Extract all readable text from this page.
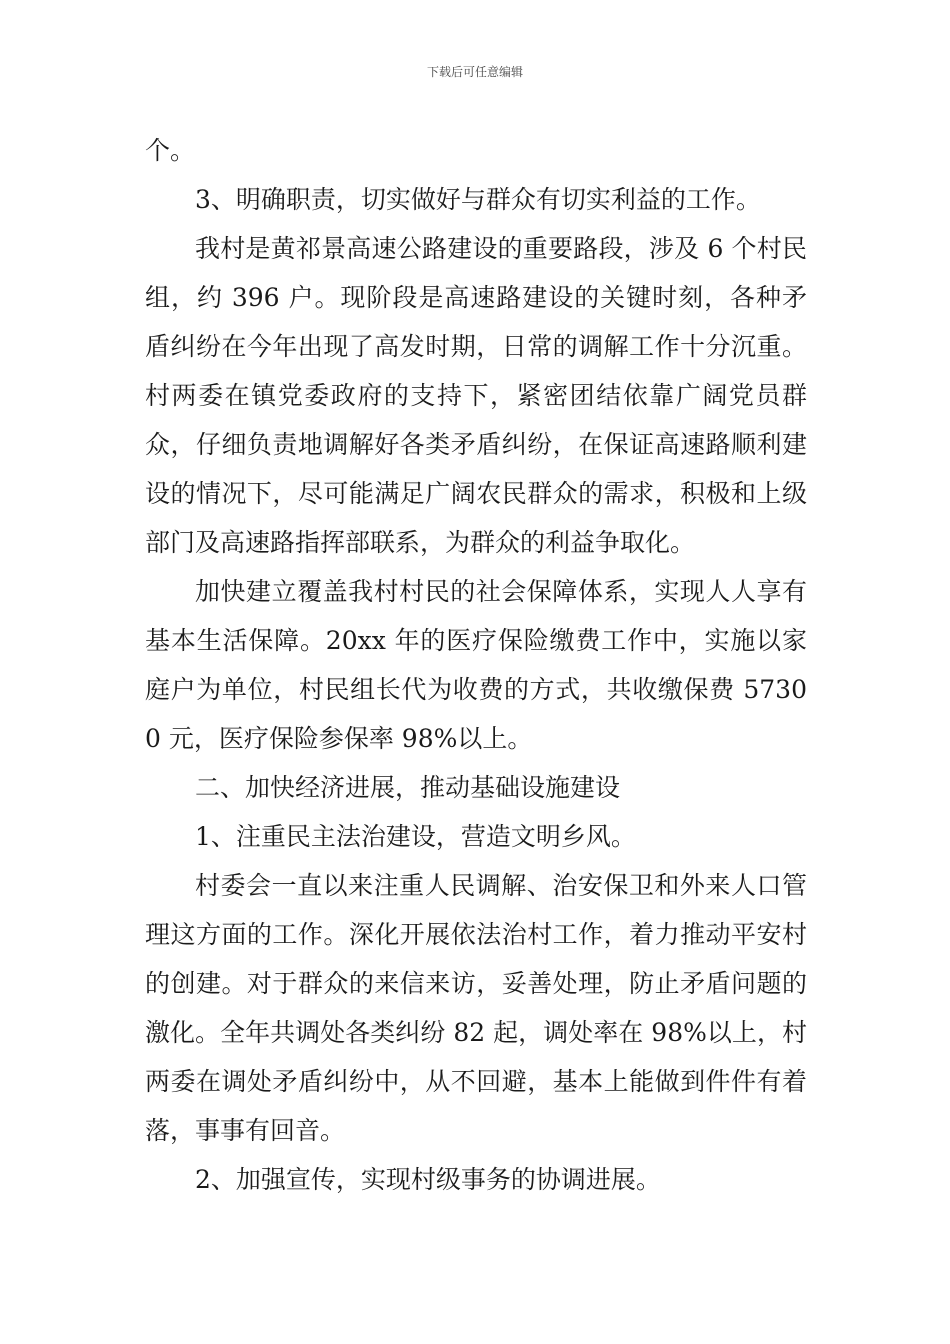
下载后可任意编辑

个。

3、明确职责，切实做好与群众有切实利益的工作。

我村是黄祁景高速公路建设的重要路段，涉及 6 个村民组，约 396 户。现阶段是高速路建设的关键时刻，各种矛盾纠纷在今年出现了高发时期，日常的调解工作十分沉重。村两委在镇党委政府的支持下，紧密团结依靠广阔党员群众，仔细负责地调解好各类矛盾纠纷，在保证高速路顺利建设的情况下，尽可能满足广阔农民群众的需求，积极和上级部门及高速路指挥部联系，为群众的利益争取化。

加快建立覆盖我村村民的社会保障体系，实现人人享有基本生活保障。20xx 年的医疗保险缴费工作中，实施以家庭户为单位，村民组长代为收费的方式，共收缴保费 57300 元，医疗保险参保率 98%以上。

二、加快经济进展，推动基础设施建设

1、注重民主法治建设，营造文明乡风。

村委会一直以来注重人民调解、治安保卫和外来人口管理这方面的工作。深化开展依法治村工作，着力推动平安村的创建。对于群众的来信来访，妥善处理，防止矛盾问题的激化。全年共调处各类纠纷 82 起，调处率在 98%以上，村两委在调处矛盾纠纷中，从不回避，基本上能做到件件有着落，事事有回音。

2、加强宣传，实现村级事务的协调进展。
